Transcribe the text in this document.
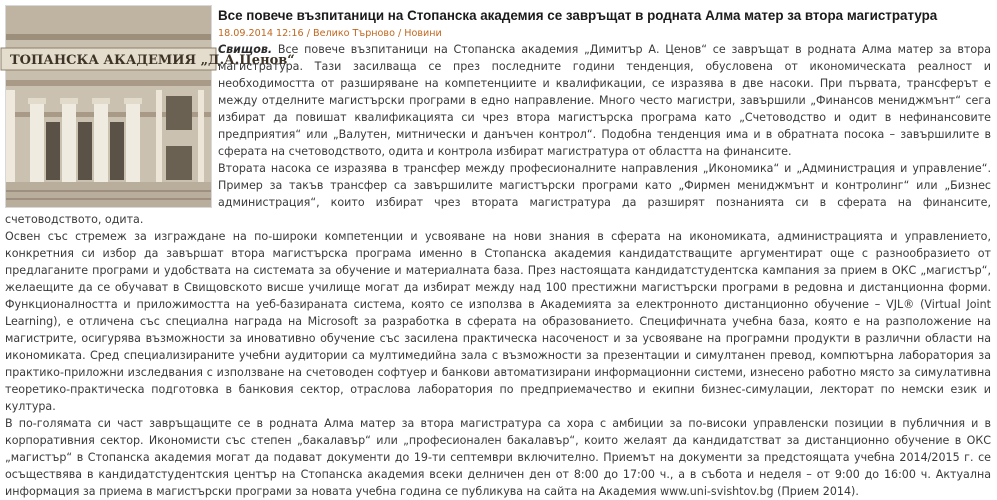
ТОПАНСКА АКАДЕМИЯ „Д.А.Ценов“
Все повече възпитаници на Стопанска академия се завръщат в родната Алма матер за втора магистратура
18.09.2014 12:16 / Велико Търново / Новини

Свищов. Все повече възпитаници на Стопанска академия „Димитър А. Ценов“ се завръщат в родната Алма матер за втора магистратура. Тази засилваща се през последните години тенденция, обусловена от икономическата реалност и необходимостта от разширяване на компетенциите и квалификации, се изразява в две насоки. При първата, трансферът е между отделните магистърски програми в едно направление. Много често магистри, завършили „Финансов мениджмънт“ сега избират да повишат квалификацията си чрез втора магистърска програма като „Счетоводство и одит в нефинансовите предприятия“ или „Валутен, митнически и данъчен контрол“. Подобна тенденция има и в обратната посока – завършилите в сферата на счетоводството, одита и контрола избират магистратура от областта на финансите.

Втората насока се изразява в трансфер между професионалните направления „Икономика“ и „Администрация и управление“. Пример за такъв трансфер са завършилите магистърски програми като „Фирмен мениджмънт и контролинг“ или „Бизнес администрация“, които избират чрез втората магистратура да разширят познанията си в сферата на финансите, счетоводството, одита.

Освен със стремеж за изграждане на по-широки компетенции и усвояване на нови знания в сферата на икономиката, администрацията и управлението, конкретния си избор да завършат втора магистърска програма именно в Стопанска академия кандидатстващите аргументират още с разнообразието от предлаганите програми и удобствата на системата за обучение и материалната база. През настоящата кандидатстудентска кампания за прием в ОКС „магистър“, желаещите да се обучават в Свищовското висше училище могат да избират между над 100 престижни магистърски програми в редовна и дистанционна форми. Функционалността и приложимостта на уеб-базираната система, която се използва в Академията за електронното дистанционно обучение – VJL® (Virtual Joint Learning), е отличена със специална награда на Microsoft за разработка в сферата на образованието. Специфичната учебна база, която е на разположение на магистрите, осигурява възможности за иновативно обучение със засилена практическа насоченост и за усвояване на програмни продукти в различни области на икономиката. Сред специализираните учебни аудитории са мултимедийна зала с възможности за презентации и симултанен превод, компютърна лаборатория за практико-приложни изследвания с използване на счетоводен софтуер и банкови автоматизирани информационни системи, изнесено работно място за симулативна теоретико-практическа подготовка в банковия сектор, отраслова лаборатория по предприемачество и екипни бизнес-симулации, лекторат по немски език и култура.

В по-голямата си част завръщащите се в родната Алма матер за втора магистратура са хора с амбиции за по-високи управленски позиции в публичния и в корпоративния сектор. Икономисти със степен „бакалавър“ или „професионален бакалавър“, които желаят да кандидатстват за дистанционно обучение в ОКС „магистър“ в Стопанска академия могат да подават документи до 19-ти септември включително. Приемът на документи за предстоящата учебна 2014/2015 г. се осъществява в кандидатстудентския център на Стопанска академия всеки делничен ден от 8:00 до 17:00 ч., а в събота и неделя – от 9:00 до 16:00 ч. Актуална информация за приема в магистърски програми за новата учебна година се публикува на сайта на Академия www.uni-svishtov.bg (Прием 2014).
